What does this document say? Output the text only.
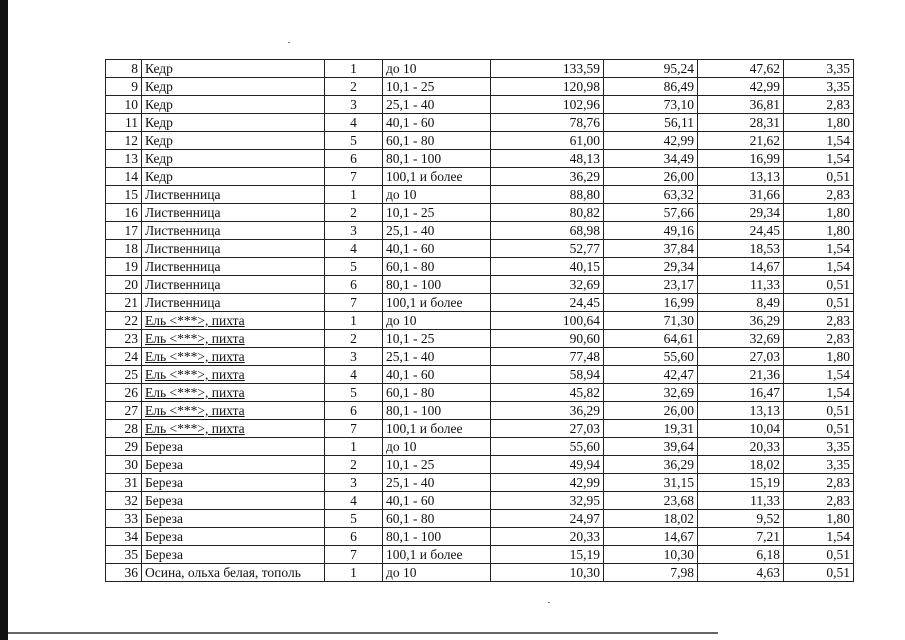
8	Кедр	1	до 10	133,59	95,24	47,62	3,35
9	Кедр	2	10,1 - 25	120,98	86,49	42,99	3,35
10	Кедр	3	25,1 - 40	102,96	73,10	36,81	2,83
11	Кедр	4	40,1 - 60	78,76	56,11	28,31	1,80
12	Кедр	5	60,1 - 80	61,00	42,99	21,62	1,54
13	Кедр	6	80,1 - 100	48,13	34,49	16,99	1,54
14	Кедр	7	100,1 и более	36,29	26,00	13,13	0,51
15	Лиственница	1	до 10	88,80	63,32	31,66	2,83
16	Лиственница	2	10,1 - 25	80,82	57,66	29,34	1,80
17	Лиственница	3	25,1 - 40	68,98	49,16	24,45	1,80
18	Лиственница	4	40,1 - 60	52,77	37,84	18,53	1,54
19	Лиственница	5	60,1 - 80	40,15	29,34	14,67	1,54
20	Лиственница	6	80,1 - 100	32,69	23,17	11,33	0,51
21	Лиственница	7	100,1 и более	24,45	16,99	8,49	0,51
22	Ель <***>, пихта	1	до 10	100,64	71,30	36,29	2,83
23	Ель <***>, пихта	2	10,1 - 25	90,60	64,61	32,69	2,83
24	Ель <***>, пихта	3	25,1 - 40	77,48	55,60	27,03	1,80
25	Ель <***>, пихта	4	40,1 - 60	58,94	42,47	21,36	1,54
26	Ель <***>, пихта	5	60,1 - 80	45,82	32,69	16,47	1,54
27	Ель <***>, пихта	6	80,1 - 100	36,29	26,00	13,13	0,51
28	Ель <***>, пихта	7	100,1 и более	27,03	19,31	10,04	0,51
29	Береза	1	до 10	55,60	39,64	20,33	3,35
30	Береза	2	10,1 - 25	49,94	36,29	18,02	3,35
31	Береза	3	25,1 - 40	42,99	31,15	15,19	2,83
32	Береза	4	40,1 - 60	32,95	23,68	11,33	2,83
33	Береза	5	60,1 - 80	24,97	18,02	9,52	1,80
34	Береза	6	80,1 - 100	20,33	14,67	7,21	1,54
35	Береза	7	100,1 и более	15,19	10,30	6,18	0,51
36	Осина, ольха белая, тополь	1	до 10	10,30	7,98	4,63	0,51
